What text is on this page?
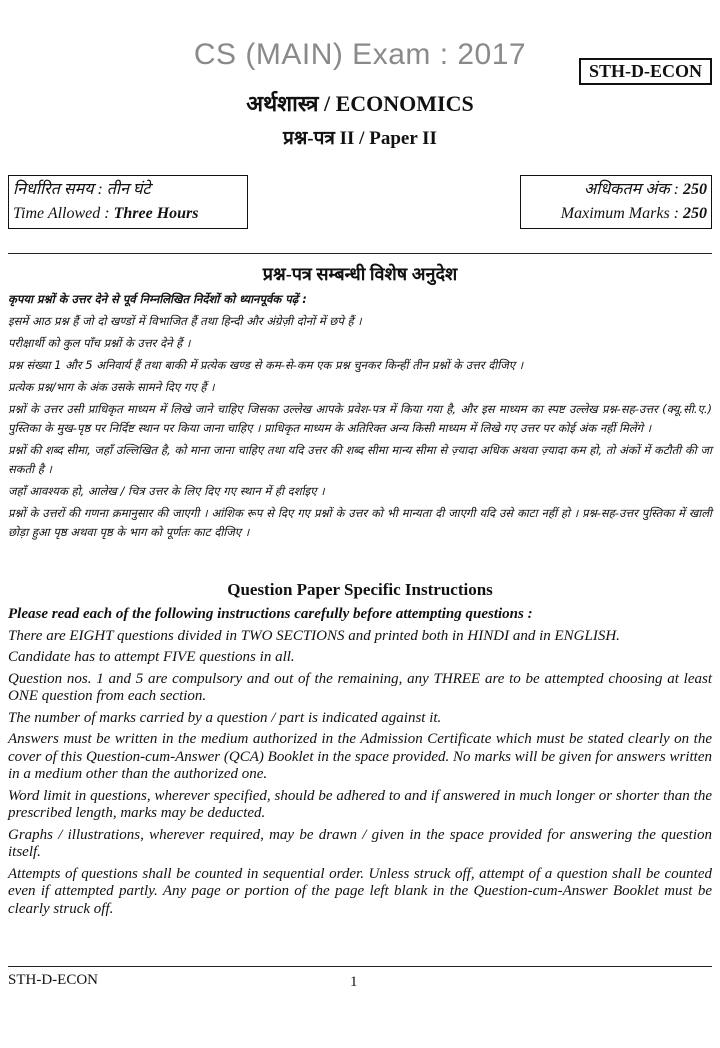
CS (MAIN) Exam : 2017	STH-D-ECON
अर्थशास्त्र / ECONOMICS
प्रश्न-पत्र II / Paper II
निर्धारित समय : तीन घंटे
Time Allowed : Three Hours
अधिकतम अंक : 250
Maximum Marks : 250
प्रश्न-पत्र सम्बन्धी विशेष अनुदेश

कृपया प्रश्नों के उत्तर देने से पूर्व निम्नलिखित निर्देशों को ध्यानपूर्वक पढ़ें :

इसमें आठ प्रश्न हैं जो दो खण्डों में विभाजित हैं तथा हिन्दी और अंग्रेज़ी दोनों में छपे हैं ।

परीक्षार्थी को कुल पाँच प्रश्नों के उत्तर देने हैं ।

प्रश्न संख्या 1 और 5 अनिवार्य हैं तथा बाकी में प्रत्येक खण्ड से कम-से-कम एक प्रश्न चुनकर किन्हीं तीन प्रश्नों के उत्तर दीजिए ।

प्रत्येक प्रश्न/भाग के अंक उसके सामने दिए गए हैं ।

प्रश्नों के उत्तर उसी प्राधिकृत माध्यम में लिखे जाने चाहिए जिसका उल्लेख आपके प्रवेश-पत्र में किया गया है, और इस माध्यम का स्पष्ट उल्लेख प्रश्न-सह-उत्तर (क्यू.सी.ए.) पुस्तिका के मुख-पृष्ठ पर निर्दिष्ट स्थान पर किया जाना चाहिए । प्राधिकृत माध्यम के अतिरिक्त अन्य किसी माध्यम में लिखे गए उत्तर पर कोई अंक नहीं मिलेंगे ।

प्रश्नों की शब्द सीमा, जहाँ उल्लिखित है, को माना जाना चाहिए तथा यदि उत्तर की शब्द सीमा मान्य सीमा से ज़्यादा अधिक अथवा ज़्यादा कम हो, तो अंकों में कटौती की जा सकती है ।

जहाँ आवश्यक हो, आलेख / चित्र उत्तर के लिए दिए गए स्थान में ही दर्शाइए ।

प्रश्नों के उत्तरों की गणना क्रमानुसार की जाएगी । आंशिक रूप से दिए गए प्रश्नों के उत्तर को भी मान्यता दी जाएगी यदि उसे काटा नहीं हो । प्रश्न-सह-उत्तर पुस्तिका में खाली छोड़ा हुआ पृष्ठ अथवा पृष्ठ के भाग को पूर्णतः काट दीजिए ।

Question Paper Specific Instructions

Please read each of the following instructions carefully before attempting questions :

There are EIGHT questions divided in TWO SECTIONS and printed both in HINDI and in ENGLISH.

Candidate has to attempt FIVE questions in all.

Question nos. 1 and 5 are compulsory and out of the remaining, any THREE are to be attempted choosing at least ONE question from each section.

The number of marks carried by a question / part is indicated against it.

Answers must be written in the medium authorized in the Admission Certificate which must be stated clearly on the cover of this Question-cum-Answer (QCA) Booklet in the space provided. No marks will be given for answers written in a medium other than the authorized one.

Word limit in questions, wherever specified, should be adhered to and if answered in much longer or shorter than the prescribed length, marks may be deducted.

Graphs / illustrations, wherever required, may be drawn / given in the space provided for answering the question itself.

Attempts of questions shall be counted in sequential order. Unless struck off, attempt of a question shall be counted even if attempted partly. Any page or portion of the page left blank in the Question-cum-Answer Booklet must be clearly struck off.

STH-D-ECON	1
